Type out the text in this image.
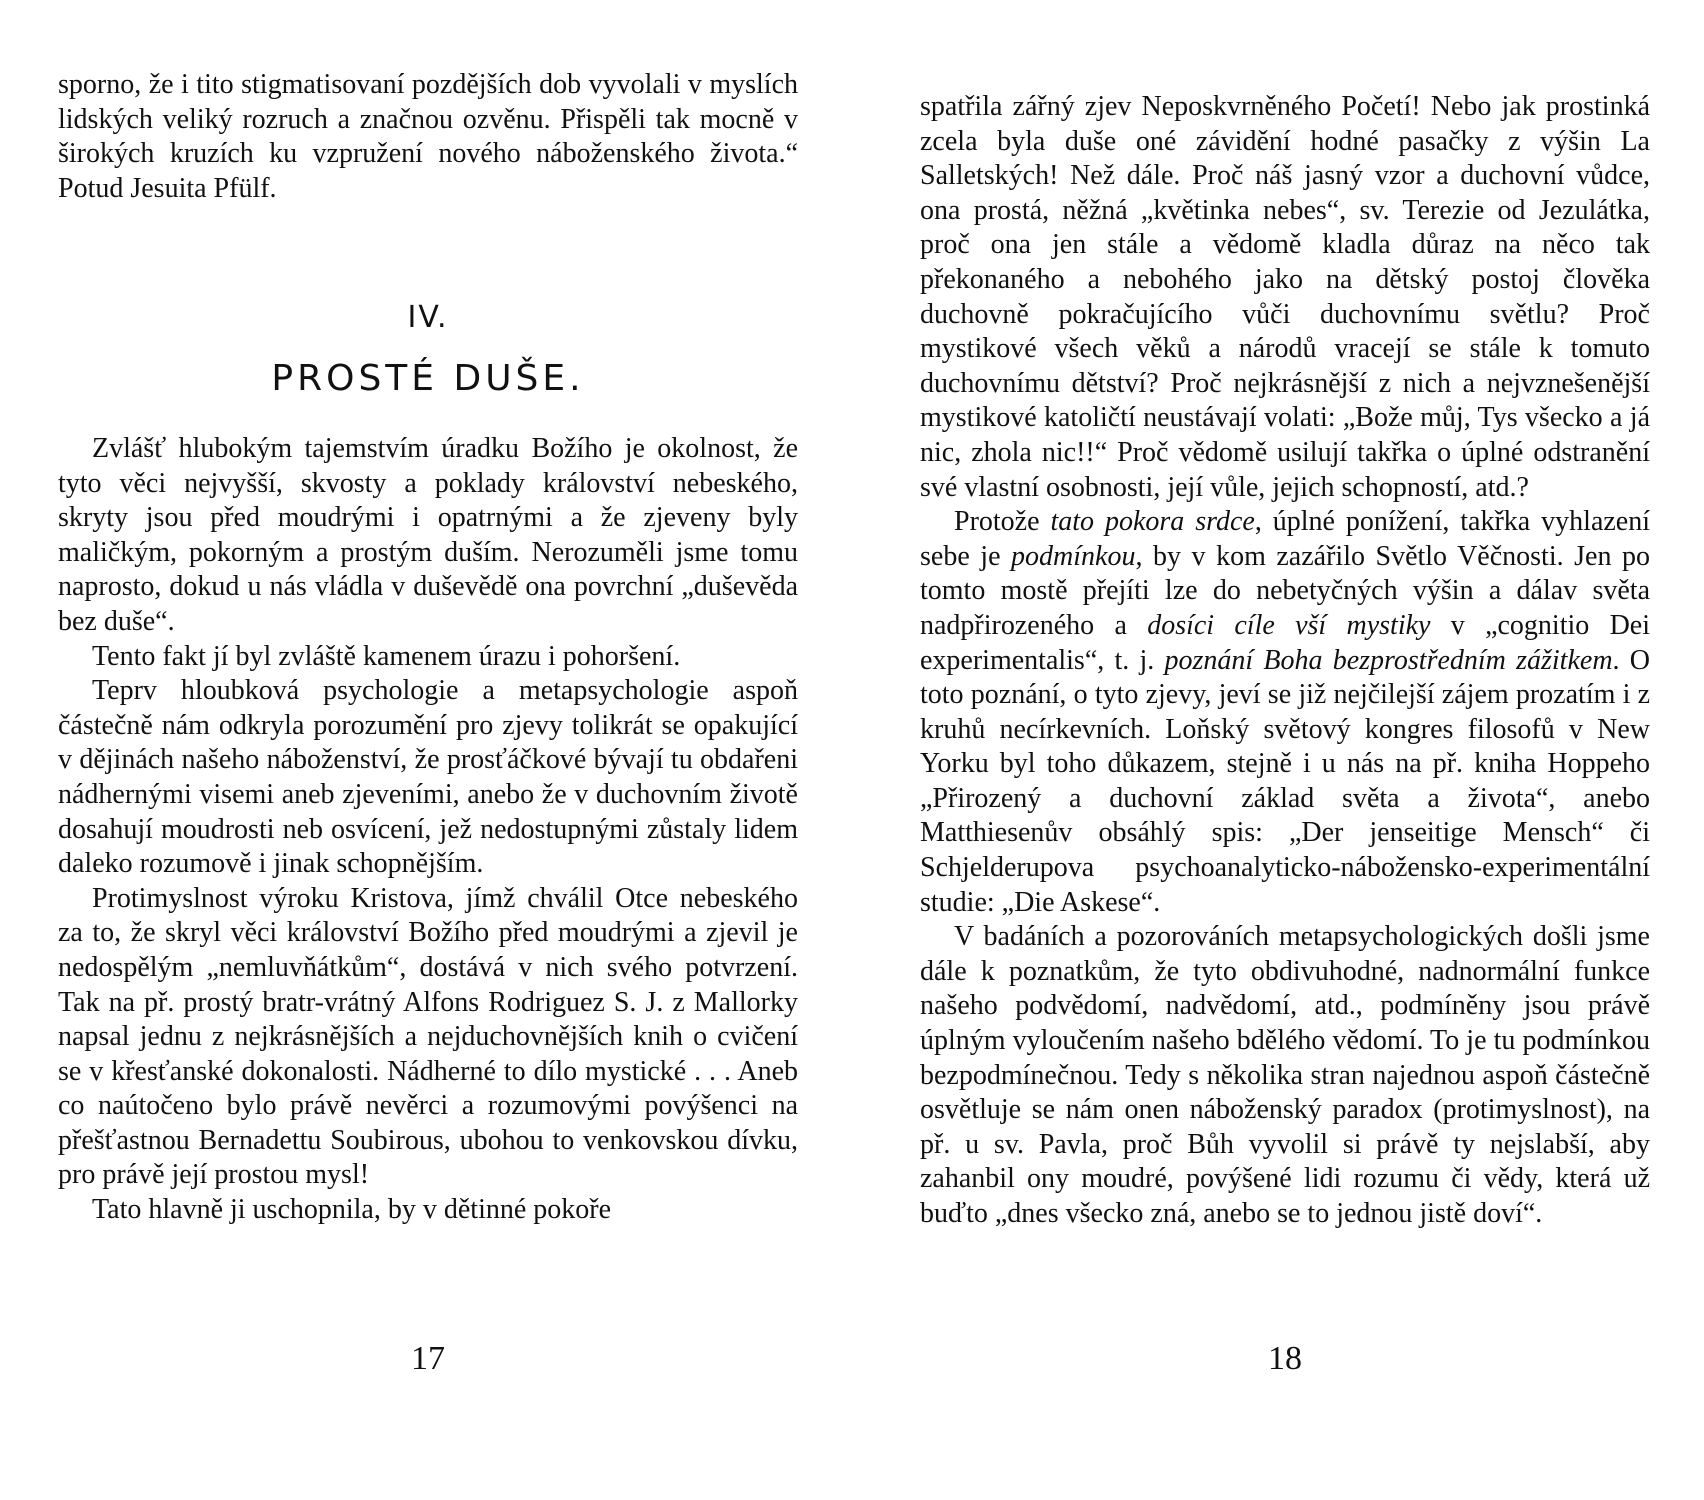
sporno, že i tito stigmatisovaní pozdějších dob vyvolali v myslích lidských veliký rozruch a značnou ozvěnu. Přispěli tak mocně v širokých kruzích ku vzpružení nového náboženského života.“ Potud Jesuita Pfülf.

IV.
PROSTÉ DUŠE.

Zvlášť hlubokým tajemstvím úradku Božího je okolnost, že tyto věci nejvyšší, skvosty a poklady království nebeského, skryty jsou před moudrými i opatrnými a že zjeveny byly maličkým, pokorným a prostým duším. Nerozuměli jsme tomu naprosto, dokud u nás vládla v duševědě ona povrchní „duševěda bez duše“.

Tento fakt jí byl zvláště kamenem úrazu i pohoršení.

Teprv hloubková psychologie a metapsychologie aspoň částečně nám odkryla porozumění pro zjevy tolikrát se opakující v dějinách našeho náboženství, že prosťáčkové bývají tu obdařeni nádhernými visemi aneb zjeveními, anebo že v duchovním životě dosahují moudrosti neb osvícení, jež nedostupnými zůstaly lidem daleko rozumově i jinak schopnějším.

Protimyslnost výroku Kristova, jímž chválil Otce nebeského za to, že skryl věci království Božího před moudrými a zjevil je nedospělým „nemluvňátkům“, dostává v nich svého potvrzení. Tak na př. prostý bratr-vrátný Alfons Rodriguez S. J. z Mallorky napsal jednu z nejkrásnějších a nejduchovnějších knih o cvičení se v křesťanské dokonalosti. Nádherné to dílo mystické . . . Aneb co naútočeno bylo právě nevěrci a rozumovými povýšenci na přešťastnou Bernadettu Soubirous, ubohou to venkovskou dívku, pro právě její prostou mysl!

Tato hlavně ji uschopnila, by v dětinné pokoře

17

spatřila zářný zjev Neposkvrněného Početí! Nebo jak prostinká zcela byla duše oné závidění hodné pasačky z výšin La Salletských! Než dále. Proč náš jasný vzor a duchovní vůdce, ona prostá, něžná „květinka nebes“, sv. Terezie od Jezulátka, proč ona jen stále a vědomě kladla důraz na něco tak překonaného a nebohého jako na dětský postoj člověka duchovně pokračujícího vůči duchovnímu světlu? Proč mystikové všech věků a národů vracejí se stále k tomuto duchovnímu dětství? Proč nejkrásnější z nich a nejvznešenější mystikové katoličtí neustávají volati: „Bože můj, Tys všecko a já nic, zhola nic!!“ Proč vědomě usilují takřka o úplné odstranění své vlastní osobnosti, její vůle, jejich schopností, atd.?

Protože tato pokora srdce, úplné ponížení, takřka vyhlazení sebe je podmínkou, by v kom zazářilo Světlo Věčnosti. Jen po tomto mostě přejíti lze do nebetyčných výšin a dálav světa nadpřirozeného a dosíci cíle vší mystiky v „cognitio Dei experimentalis“, t. j. poznání Boha bezprostředním zážitkem. O toto poznání, o tyto zjevy, jeví se již nejčilejší zájem prozatím i z kruhů necírkevních. Loňský světový kongres filosofů v New Yorku byl toho důkazem, stejně i u nás na př. kniha Hoppeho „Přirozený a duchovní základ světa a života“, anebo Matthiesenův obsáhlý spis: „Der jenseitige Mensch“ či Schjelderupova psychoanalyticko-nábožensko-experimentální studie: „Die Askese“.

V badáních a pozorováních metapsychologických došli jsme dále k poznatkům, že tyto obdivuhodné, nadnormální funkce našeho podvědomí, nadvědomí, atd., podmíněny jsou právě úplným vyloučením našeho bdělého vědomí. To je tu podmínkou bezpodmínečnou. Tedy s několika stran najednou aspoň částečně osvětluje se nám onen náboženský paradox (protimyslnost), na př. u sv. Pavla, proč Bůh vyvolil si právě ty nejslabší, aby zahanbil ony moudré, povýšené lidi rozumu či vědy, která už buďto „dnes všecko zná, anebo se to jednou jistě doví“.

18
